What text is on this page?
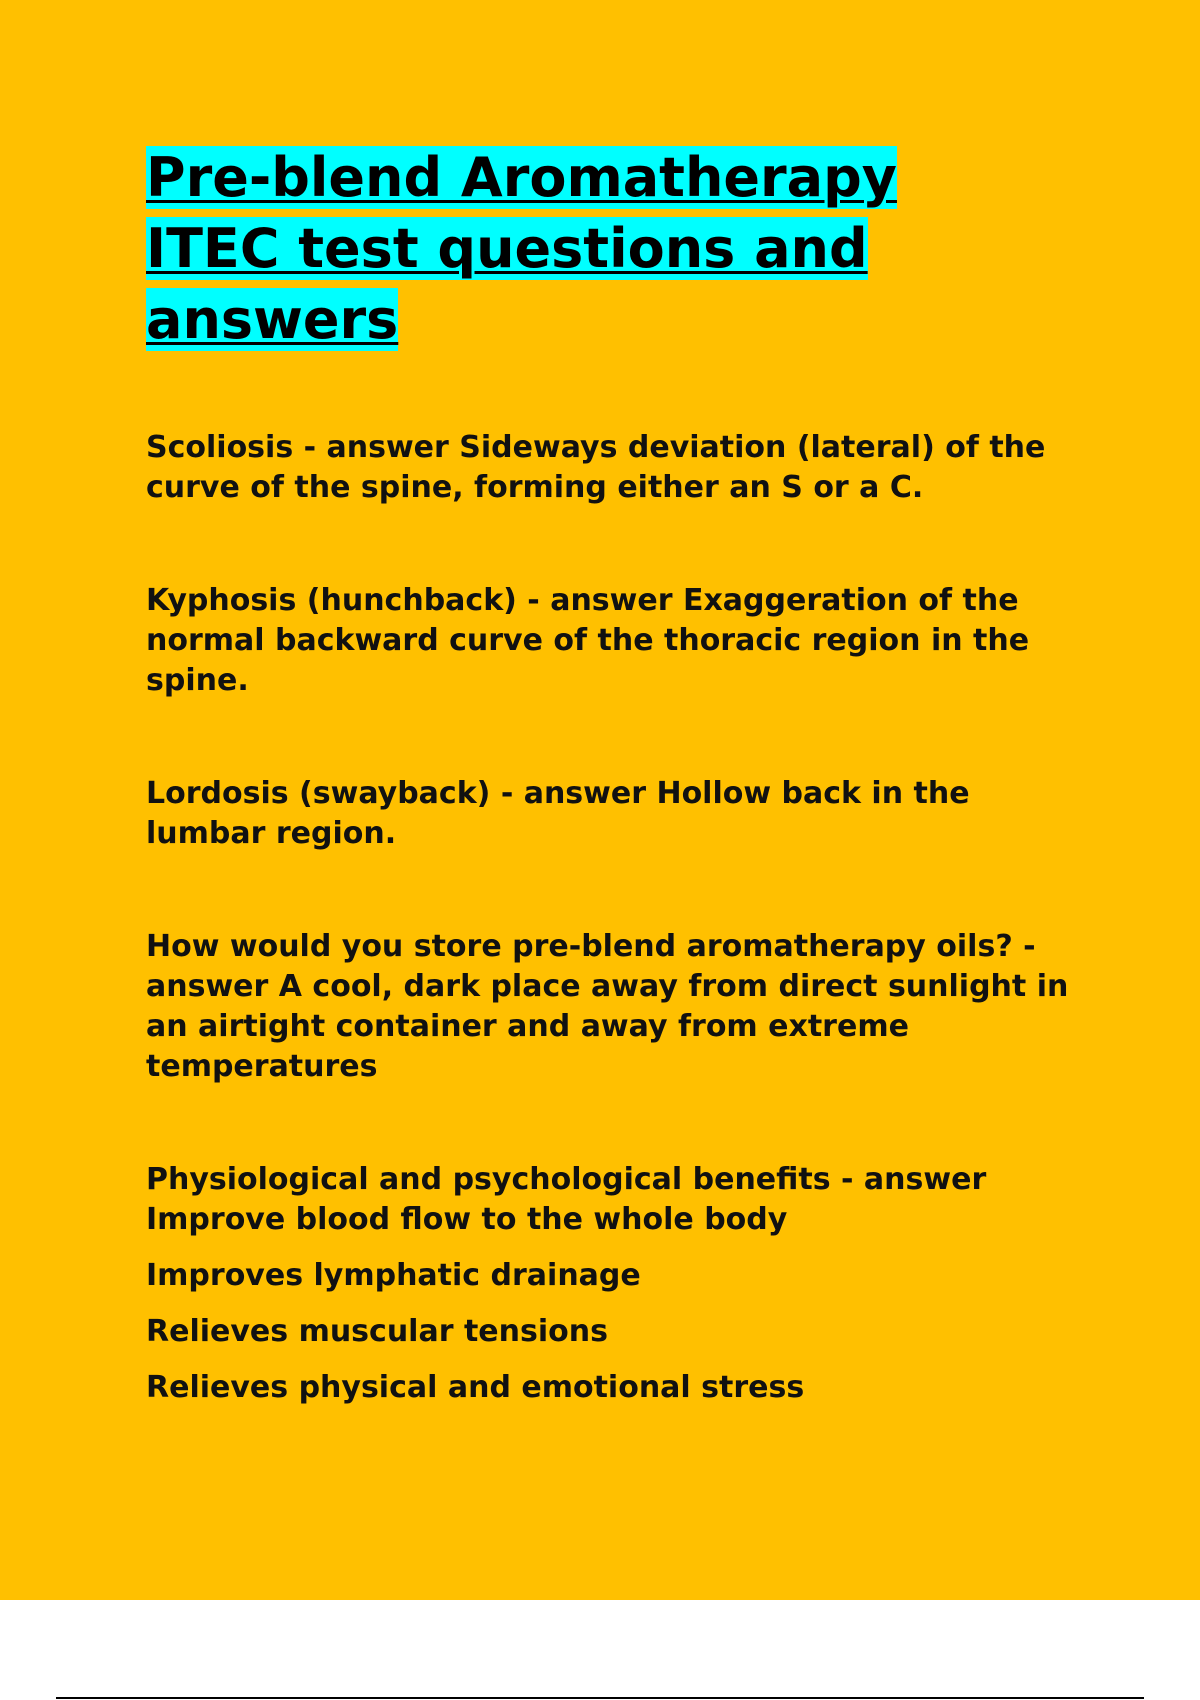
Pre-blend Aromatherapy ITEC test questions and answers

Scoliosis - answer Sideways deviation (lateral) of the curve of the spine, forming either an S or a C.

Kyphosis (hunchback) - answer Exaggeration of the normal backward curve of the thoracic region in the spine.

Lordosis (swayback) - answer Hollow back in the lumbar region.

How would you store pre-blend aromatherapy oils? - answer A cool, dark place away from direct sunlight in an airtight container and away from extreme temperatures

Physiological and psychological benefits - answer Improve blood flow to the whole body

Improves lymphatic drainage

Relieves muscular tensions

Relieves physical and emotional stress
